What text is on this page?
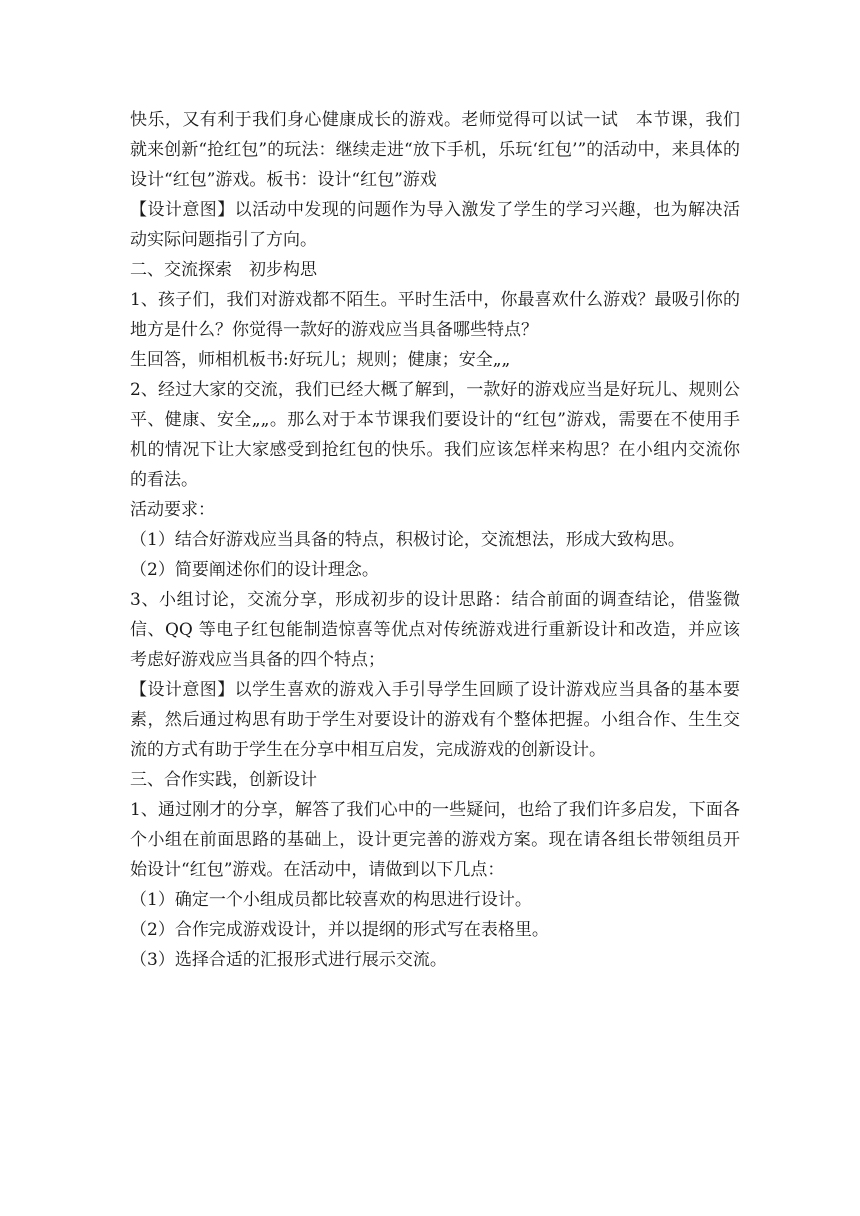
快乐，又有利于我们身心健康成长的游戏。老师觉得可以试一试　本节课，我们就来创新“抢红包”的玩法：继续走进“放下手机，乐玩‘红包’”的活动中，来具体的设计“红包”游戏。板书：设计“红包”游戏

【设计意图】以活动中发现的问题作为导入激发了学生的学习兴趣，也为解决活动实际问题指引了方向。

二、交流探索　初步构思

1、孩子们，我们对游戏都不陌生。平时生活中，你最喜欢什么游戏？最吸引你的地方是什么？你觉得一款好的游戏应当具备哪些特点？

生回答，师相机板书:好玩儿；规则；健康；安全„„

2、经过大家的交流，我们已经大概了解到，一款好的游戏应当是好玩儿、规则公平、健康、安全„„。那么对于本节课我们要设计的“红包”游戏，需要在不使用手机的情况下让大家感受到抢红包的快乐。我们应该怎样来构思？在小组内交流你的看法。

活动要求：

（1）结合好游戏应当具备的特点，积极讨论，交流想法，形成大致构思。

（2）简要阐述你们的设计理念。

3、小组讨论，交流分享，形成初步的设计思路：结合前面的调查结论，借鉴微信、QQ 等电子红包能制造惊喜等优点对传统游戏进行重新设计和改造，并应该考虑好游戏应当具备的四个特点；

【设计意图】以学生喜欢的游戏入手引导学生回顾了设计游戏应当具备的基本要素，然后通过构思有助于学生对要设计的游戏有个整体把握。小组合作、生生交流的方式有助于学生在分享中相互启发，完成游戏的创新设计。

三、合作实践，创新设计

1、通过刚才的分享，解答了我们心中的一些疑问，也给了我们许多启发，下面各个小组在前面思路的基础上，设计更完善的游戏方案。现在请各组长带领组员开始设计“红包”游戏。在活动中，请做到以下几点：

（1）确定一个小组成员都比较喜欢的构思进行设计。

（2）合作完成游戏设计，并以提纲的形式写在表格里。

（3）选择合适的汇报形式进行展示交流。
